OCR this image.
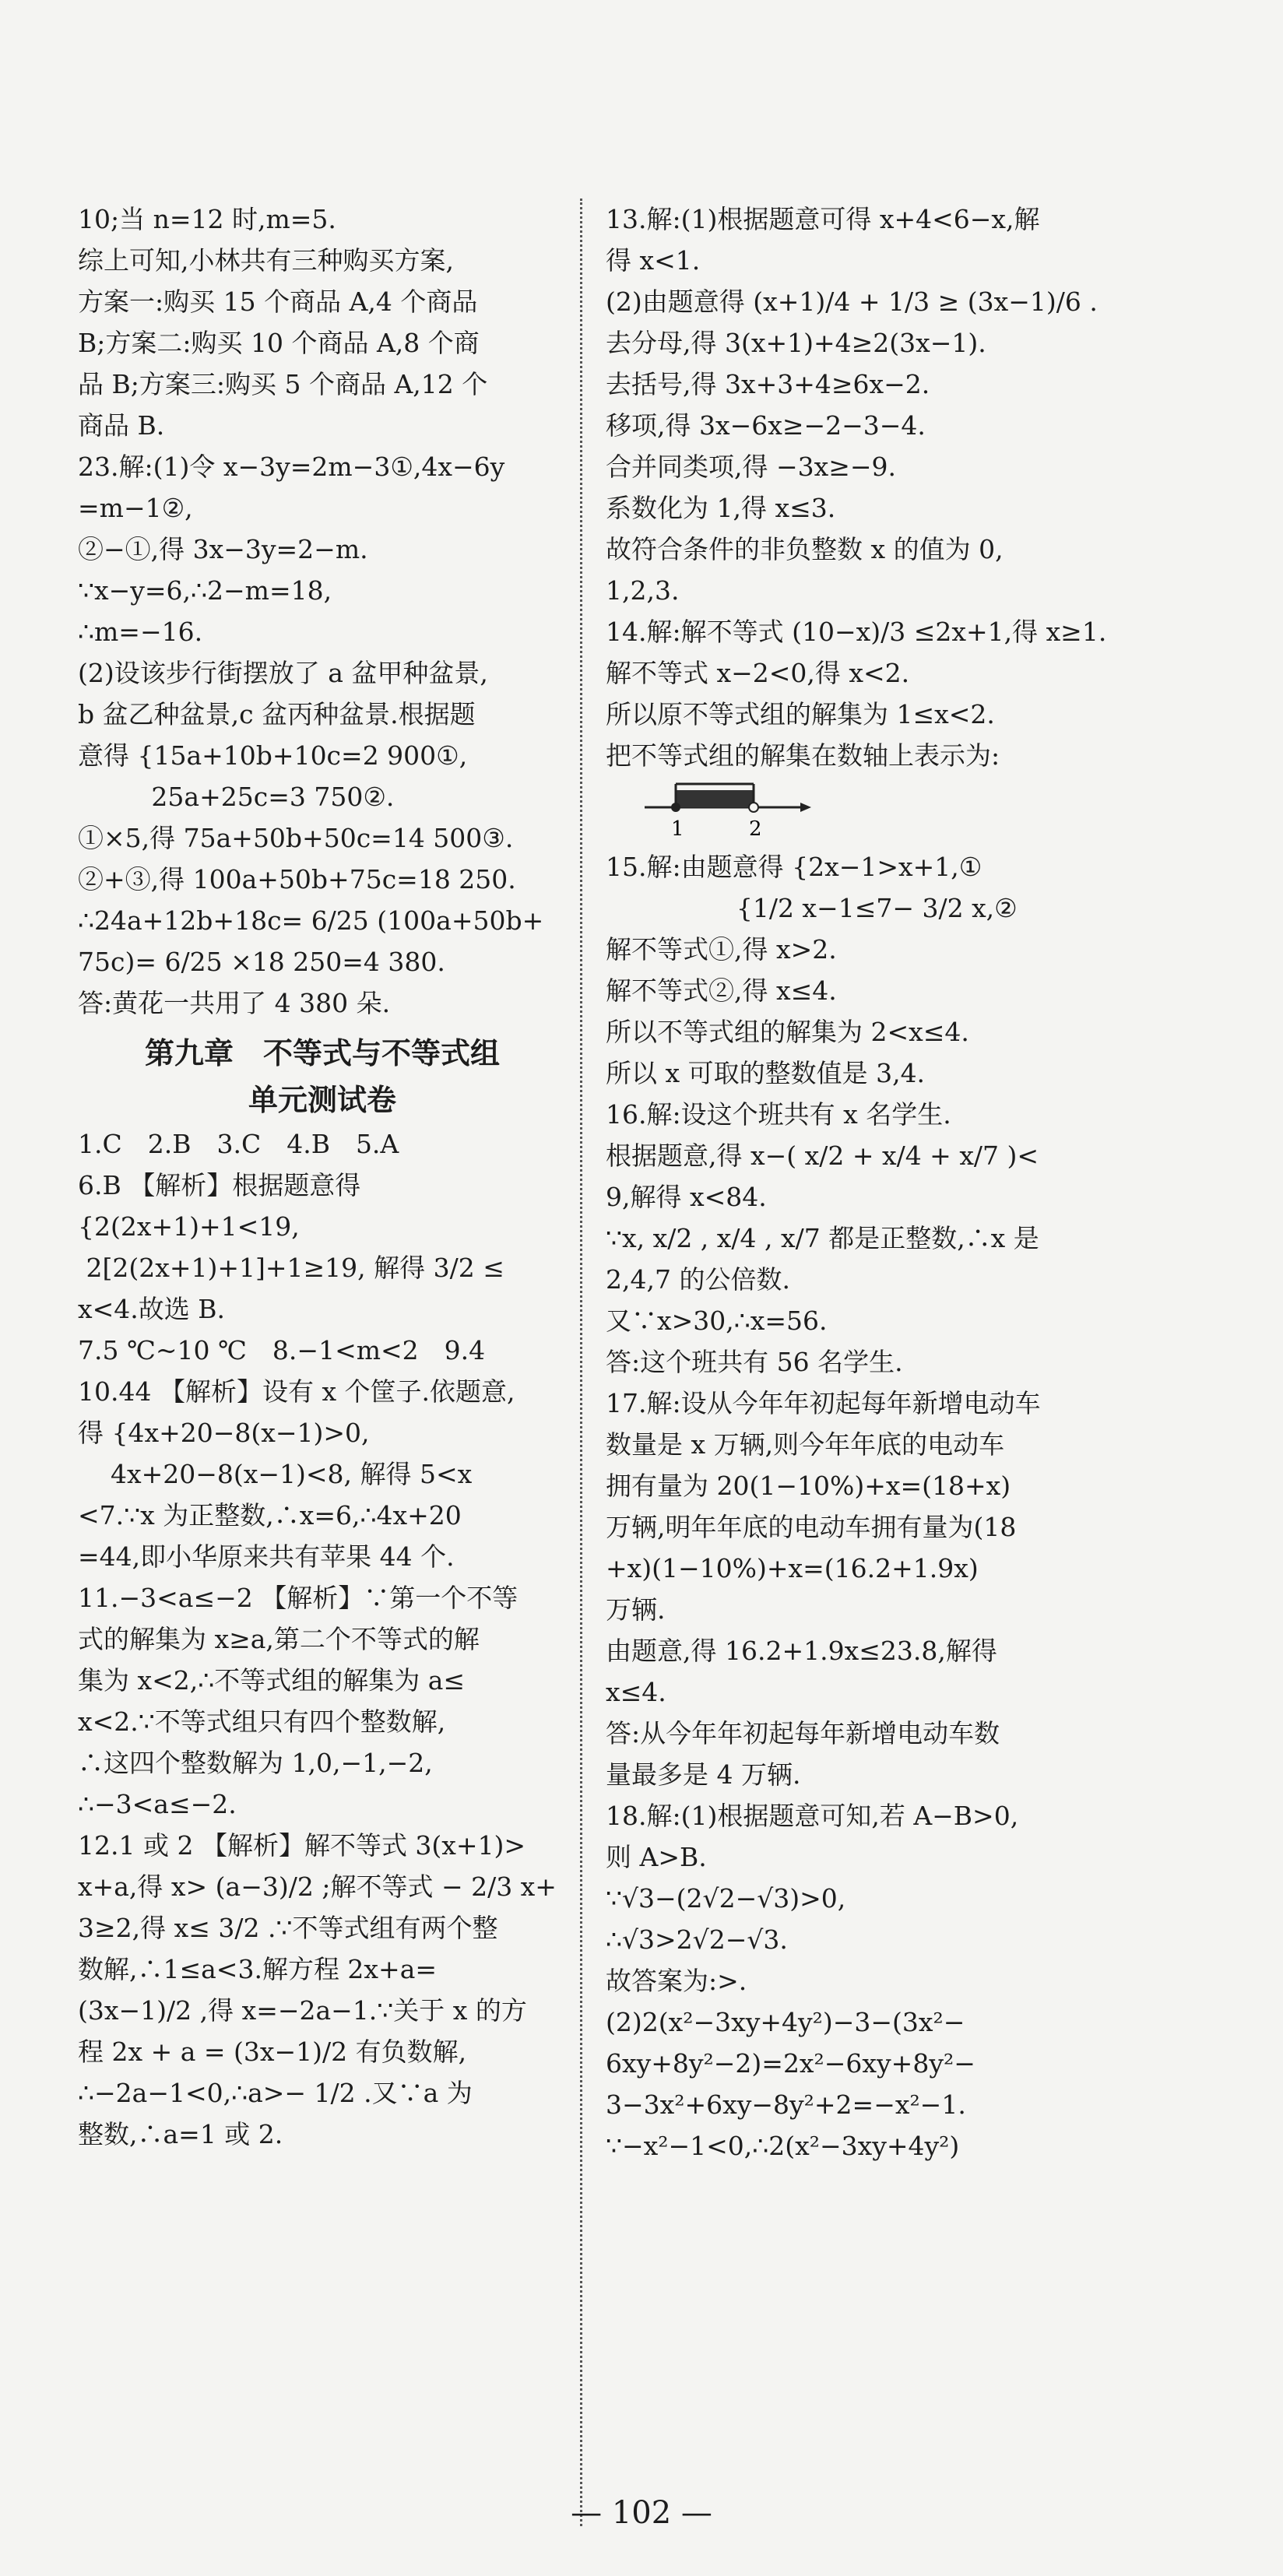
10;当 n=12 时,m=5.
综上可知,小林共有三种购买方案,
方案一:购买 15 个商品 A,4 个商品
B;方案二:购买 10 个商品 A,8 个商
品 B;方案三:购买 5 个商品 A,12 个
商品 B.
23.解:(1)令 x−3y=2m−3①,4x−6y
=m−1②,
②−①,得 3x−3y=2−m.
∵x−y=6,∴2−m=18,
∴m=−16.
(2)设该步行街摆放了 a 盆甲种盆景,
b 盆乙种盆景,c 盆丙种盆景.根据题
意得 {15a+10b+10c=2 900①,
25a+25c=3 750②.
①×5,得 75a+50b+50c=14 500③.
②+③,得 100a+50b+75c=18 250.
∴24a+12b+18c= 6/25 (100a+50b+
75c)= 6/25 ×18 250=4 380.
答:黄花一共用了 4 380 朵.
第九章　不等式与不等式组
单元测试卷
1.C　2.B　3.C　4.B　5.A
6.B 【解析】根据题意得
{2(2x+1)+1<19,
2[2(2x+1)+1]+1≥19, 解得 3/2 ≤
x<4.故选 B.
7.5 ℃~10 ℃　8.−1<m<2　9.4
10.44 【解析】设有 x 个筐子.依题意,
得 {4x+20−8(x−1)>0,
4x+20−8(x−1)<8, 解得 5<x
<7.∵x 为正整数,∴x=6,∴4x+20
=44,即小华原来共有苹果 44 个.
11.−3<a≤−2 【解析】∵第一个不等
式的解集为 x≥a,第二个不等式的解
集为 x<2,∴不等式组的解集为 a≤
x<2.∵不等式组只有四个整数解,
∴这四个整数解为 1,0,−1,−2,
∴−3<a≤−2.
12.1 或 2 【解析】解不等式 3(x+1)>
x+a,得 x> (a−3)/2 ;解不等式 − 2/3 x+
3≥2,得 x≤ 3/2 .∵不等式组有两个整
数解,∴1≤a<3.解方程 2x+a=
(3x−1)/2 ,得 x=−2a−1.∵关于 x 的方
程 2x + a = (3x−1)/2 有负数解,
∴−2a−1<0,∴a>− 1/2 .又∵a 为
整数,∴a=1 或 2.
13.解:(1)根据题意可得 x+4<6−x,解
得 x<1.
(2)由题意得 (x+1)/4 + 1/3 ≥ (3x−1)/6 .
去分母,得 3(x+1)+4≥2(3x−1).
去括号,得 3x+3+4≥6x−2.
移项,得 3x−6x≥−2−3−4.
合并同类项,得 −3x≥−9.
系数化为 1,得 x≤3.
故符合条件的非负整数 x 的值为 0,
1,2,3.
14.解:解不等式 (10−x)/3 ≤2x+1,得 x≥1.
解不等式 x−2<0,得 x<2.
所以原不等式组的解集为 1≤x<2.
把不等式组的解集在数轴上表示为:
1	2
15.解:由题意得 {2x−1>x+1,①
{1/2 x−1≤7− 3/2 x,②
解不等式①,得 x>2.
解不等式②,得 x≤4.
所以不等式组的解集为 2<x≤4.
所以 x 可取的整数值是 3,4.
16.解:设这个班共有 x 名学生.
根据题意,得 x−( x/2 + x/4 + x/7 )<
9,解得 x<84.
∵x, x/2 , x/4 , x/7 都是正整数,∴x 是
2,4,7 的公倍数.
又∵x>30,∴x=56.
答:这个班共有 56 名学生.
17.解:设从今年年初起每年新增电动车
数量是 x 万辆,则今年年底的电动车
拥有量为 20(1−10%)+x=(18+x)
万辆,明年年底的电动车拥有量为(18
+x)(1−10%)+x=(16.2+1.9x)
万辆.
由题意,得 16.2+1.9x≤23.8,解得
x≤4.
答:从今年年初起每年新增电动车数
量最多是 4 万辆.
18.解:(1)根据题意可知,若 A−B>0,
则 A>B.
∵√3−(2√2−√3)>0,
∴√3>2√2−√3.
故答案为:>.
(2)2(x²−3xy+4y²)−3−(3x²−
6xy+8y²−2)=2x²−6xy+8y²−
3−3x²+6xy−8y²+2=−x²−1.
∵−x²−1<0,∴2(x²−3xy+4y²)
— 102 —
